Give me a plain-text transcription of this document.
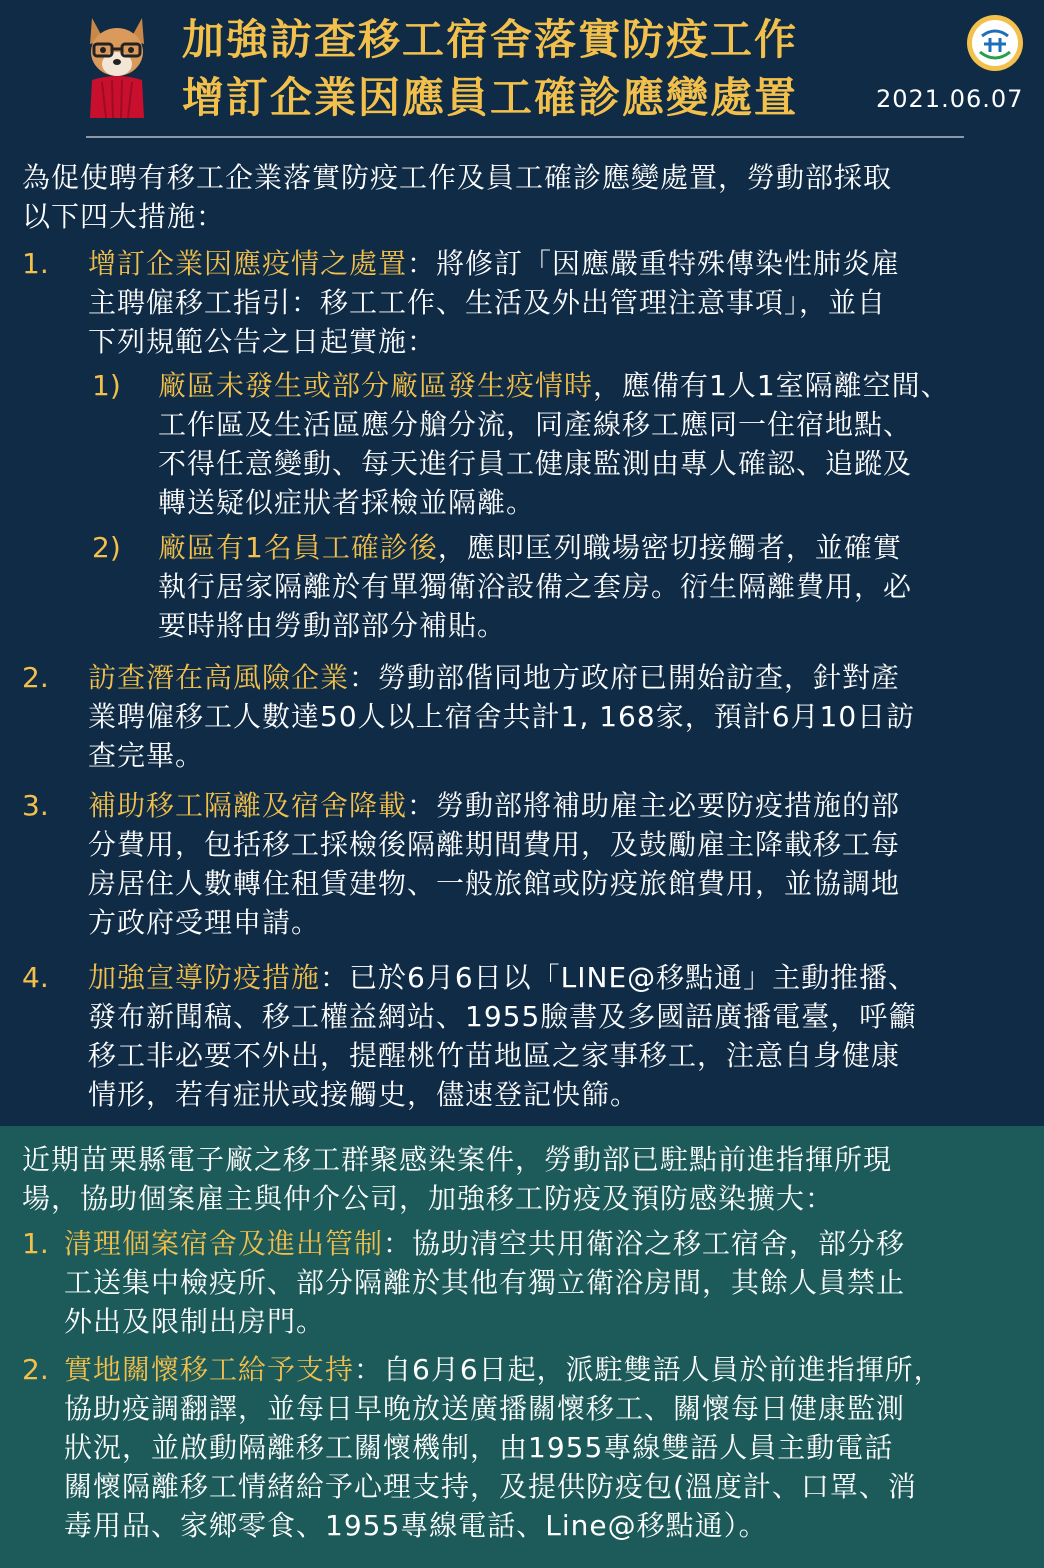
加強訪查移工宿舍落實防疫工作
增訂企業因應員工確診應變處置	2021.06.07
為促使聘有移工企業落實防疫工作及員工確診應變處置，勞動部採取
以下四大措施：
1. 增訂企業因應疫情之處置：將修訂「因應嚴重特殊傳染性肺炎雇
主聘僱移工指引：移工工作、生活及外出管理注意事項」，並自
下列規範公告之日起實施：
1) 廠區未發生或部分廠區發生疫情時，應備有1人1室隔離空間、
工作區及生活區應分艙分流，同產線移工應同一住宿地點、
不得任意變動、每天進行員工健康監測由專人確認、追蹤及
轉送疑似症狀者採檢並隔離。
2) 廠區有1名員工確診後，應即匡列職場密切接觸者，並確實
執行居家隔離於有單獨衛浴設備之套房。衍生隔離費用，必
要時將由勞動部部分補貼。
2. 訪查潛在高風險企業：勞動部偕同地方政府已開始訪查，針對產
業聘僱移工人數達50人以上宿舍共計1, 168家，預計6月10日訪
查完畢。
3. 補助移工隔離及宿舍降載：勞動部將補助雇主必要防疫措施的部
分費用，包括移工採檢後隔離期間費用，及鼓勵雇主降載移工每
房居住人數轉住租賃建物、一般旅館或防疫旅館費用，並協調地
方政府受理申請。
4. 加強宣導防疫措施：已於6月6日以「LINE@移點通」主動推播、
發布新聞稿、移工權益網站、1955臉書及多國語廣播電臺，呼籲
移工非必要不外出，提醒桃竹苗地區之家事移工，注意自身健康
情形，若有症狀或接觸史，儘速登記快篩。
近期苗栗縣電子廠之移工群聚感染案件，勞動部已駐點前進指揮所現
場，協助個案雇主與仲介公司，加強移工防疫及預防感染擴大：
1. 清理個案宿舍及進出管制：協助清空共用衛浴之移工宿舍，部分移
工送集中檢疫所、部分隔離於其他有獨立衛浴房間，其餘人員禁止
外出及限制出房門。
2. 實地關懷移工給予支持：自6月6日起，派駐雙語人員於前進指揮所，
協助疫調翻譯，並每日早晚放送廣播關懷移工、關懷每日健康監測
狀況，並啟動隔離移工關懷機制，由1955專線雙語人員主動電話
關懷隔離移工情緒給予心理支持，及提供防疫包(溫度計、口罩、消
毒用品、家鄉零食、1955專線電話、Line@移點通）。
